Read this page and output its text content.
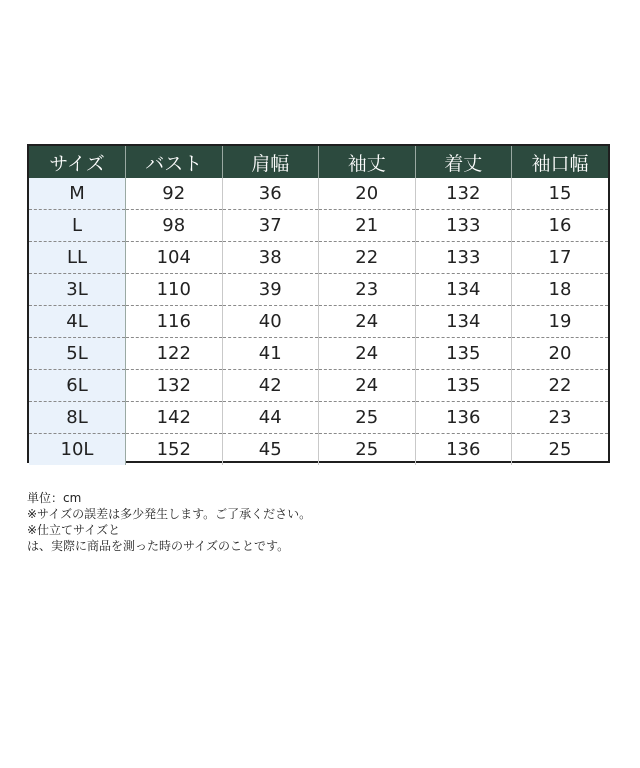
サイズ	バスト	肩幅	袖丈	着丈	袖口幅
M	92	36	20	132	15
L	98	37	21	133	16
LL	104	38	22	133	17
3L	110	39	23	134	18
4L	116	40	24	134	19
5L	122	41	24	135	20
6L	132	42	24	135	22
8L	142	44	25	136	23
10L	152	45	25	136	25
単位：cm
※サイズの誤差は多少発生します。ご了承ください。
※仕立てサイズと
は、実際に商品を測った時のサイズのことです。
